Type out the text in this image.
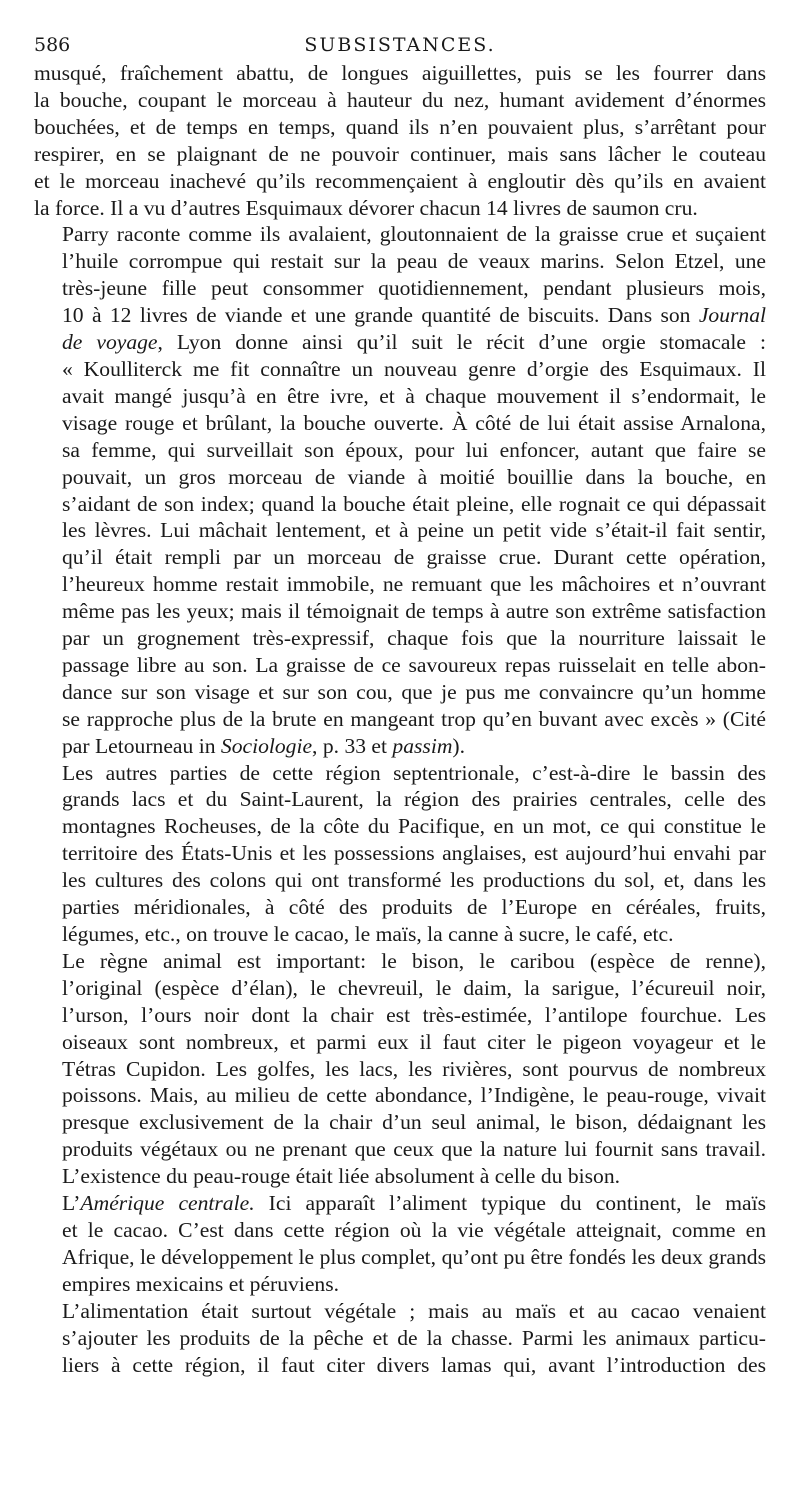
586	SUBSISTANCES.

musqué, fraîchement abattu, de longues aiguillettes, puis se les fourrer dans
la bouche, coupant le morceau à hauteur du nez, humant avidement d’énormes
bouchées, et de temps en temps, quand ils n’en pouvaient plus, s’arrêtant pour
respirer, en se plaignant de ne pouvoir continuer, mais sans lâcher le couteau
et le morceau inachevé qu’ils recommençaient à engloutir dès qu’ils en avaient
la force. Il a vu d’autres Esquimaux dévorer chacun 14 livres de saumon cru.

Parry raconte comme ils avalaient, gloutonnaient de la graisse crue et suçaient
l’huile corrompue qui restait sur la peau de veaux marins. Selon Etzel, une
très-jeune fille peut consommer quotidiennement, pendant plusieurs mois,
10 à 12 livres de viande et une grande quantité de biscuits. Dans son Journal
de voyage, Lyon donne ainsi qu’il suit le récit d’une orgie stomacale :
« Koulliterck me fit connaître un nouveau genre d’orgie des Esquimaux. Il
avait mangé jusqu’à en être ivre, et à chaque mouvement il s’endormait, le
visage rouge et brûlant, la bouche ouverte. À côté de lui était assise Arnalona,
sa femme, qui surveillait son époux, pour lui enfoncer, autant que faire se
pouvait, un gros morceau de viande à moitié bouillie dans la bouche, en
s’aidant de son index; quand la bouche était pleine, elle rognait ce qui dépassait
les lèvres. Lui mâchait lentement, et à peine un petit vide s’était-il fait sentir,
qu’il était rempli par un morceau de graisse crue. Durant cette opération,
l’heureux homme restait immobile, ne remuant que les mâchoires et n’ouvrant
même pas les yeux; mais il témoignait de temps à autre son extrême satisfaction
par un grognement très-expressif, chaque fois que la nourriture laissait le
passage libre au son. La graisse de ce savoureux repas ruisselait en telle abon-
dance sur son visage et sur son cou, que je pus me convaincre qu’un homme
se rapproche plus de la brute en mangeant trop qu’en buvant avec excès » (Cité
par Letourneau in Sociologie, p. 33 et passim).

Les autres parties de cette région septentrionale, c’est-à-dire le bassin des
grands lacs et du Saint-Laurent, la région des prairies centrales, celle des
montagnes Rocheuses, de la côte du Pacifique, en un mot, ce qui constitue le
territoire des États-Unis et les possessions anglaises, est aujourd’hui envahi par
les cultures des colons qui ont transformé les productions du sol, et, dans les
parties méridionales, à côté des produits de l’Europe en céréales, fruits,
légumes, etc., on trouve le cacao, le maïs, la canne à sucre, le café, etc.

Le règne animal est important: le bison, le caribou (espèce de renne),
l’original (espèce d’élan), le chevreuil, le daim, la sarigue, l’écureuil noir,
l’urson, l’ours noir dont la chair est très-estimée, l’antilope fourchue. Les
oiseaux sont nombreux, et parmi eux il faut citer le pigeon voyageur et le
Tétras Cupidon. Les golfes, les lacs, les rivières, sont pourvus de nombreux
poissons. Mais, au milieu de cette abondance, l’Indigène, le peau-rouge, vivait
presque exclusivement de la chair d’un seul animal, le bison, dédaignant les
produits végétaux ou ne prenant que ceux que la nature lui fournit sans travail.
L’existence du peau-rouge était liée absolument à celle du bison.

L’Amérique centrale. Ici apparaît l’aliment typique du continent, le maïs
et le cacao. C’est dans cette région où la vie végétale atteignait, comme en
Afrique, le développement le plus complet, qu’ont pu être fondés les deux grands
empires mexicains et péruviens.

L’alimentation était surtout végétale ; mais au maïs et au cacao venaient
s’ajouter les produits de la pêche et de la chasse. Parmi les animaux particu-
liers à cette région, il faut citer divers lamas qui, avant l’introduction des
